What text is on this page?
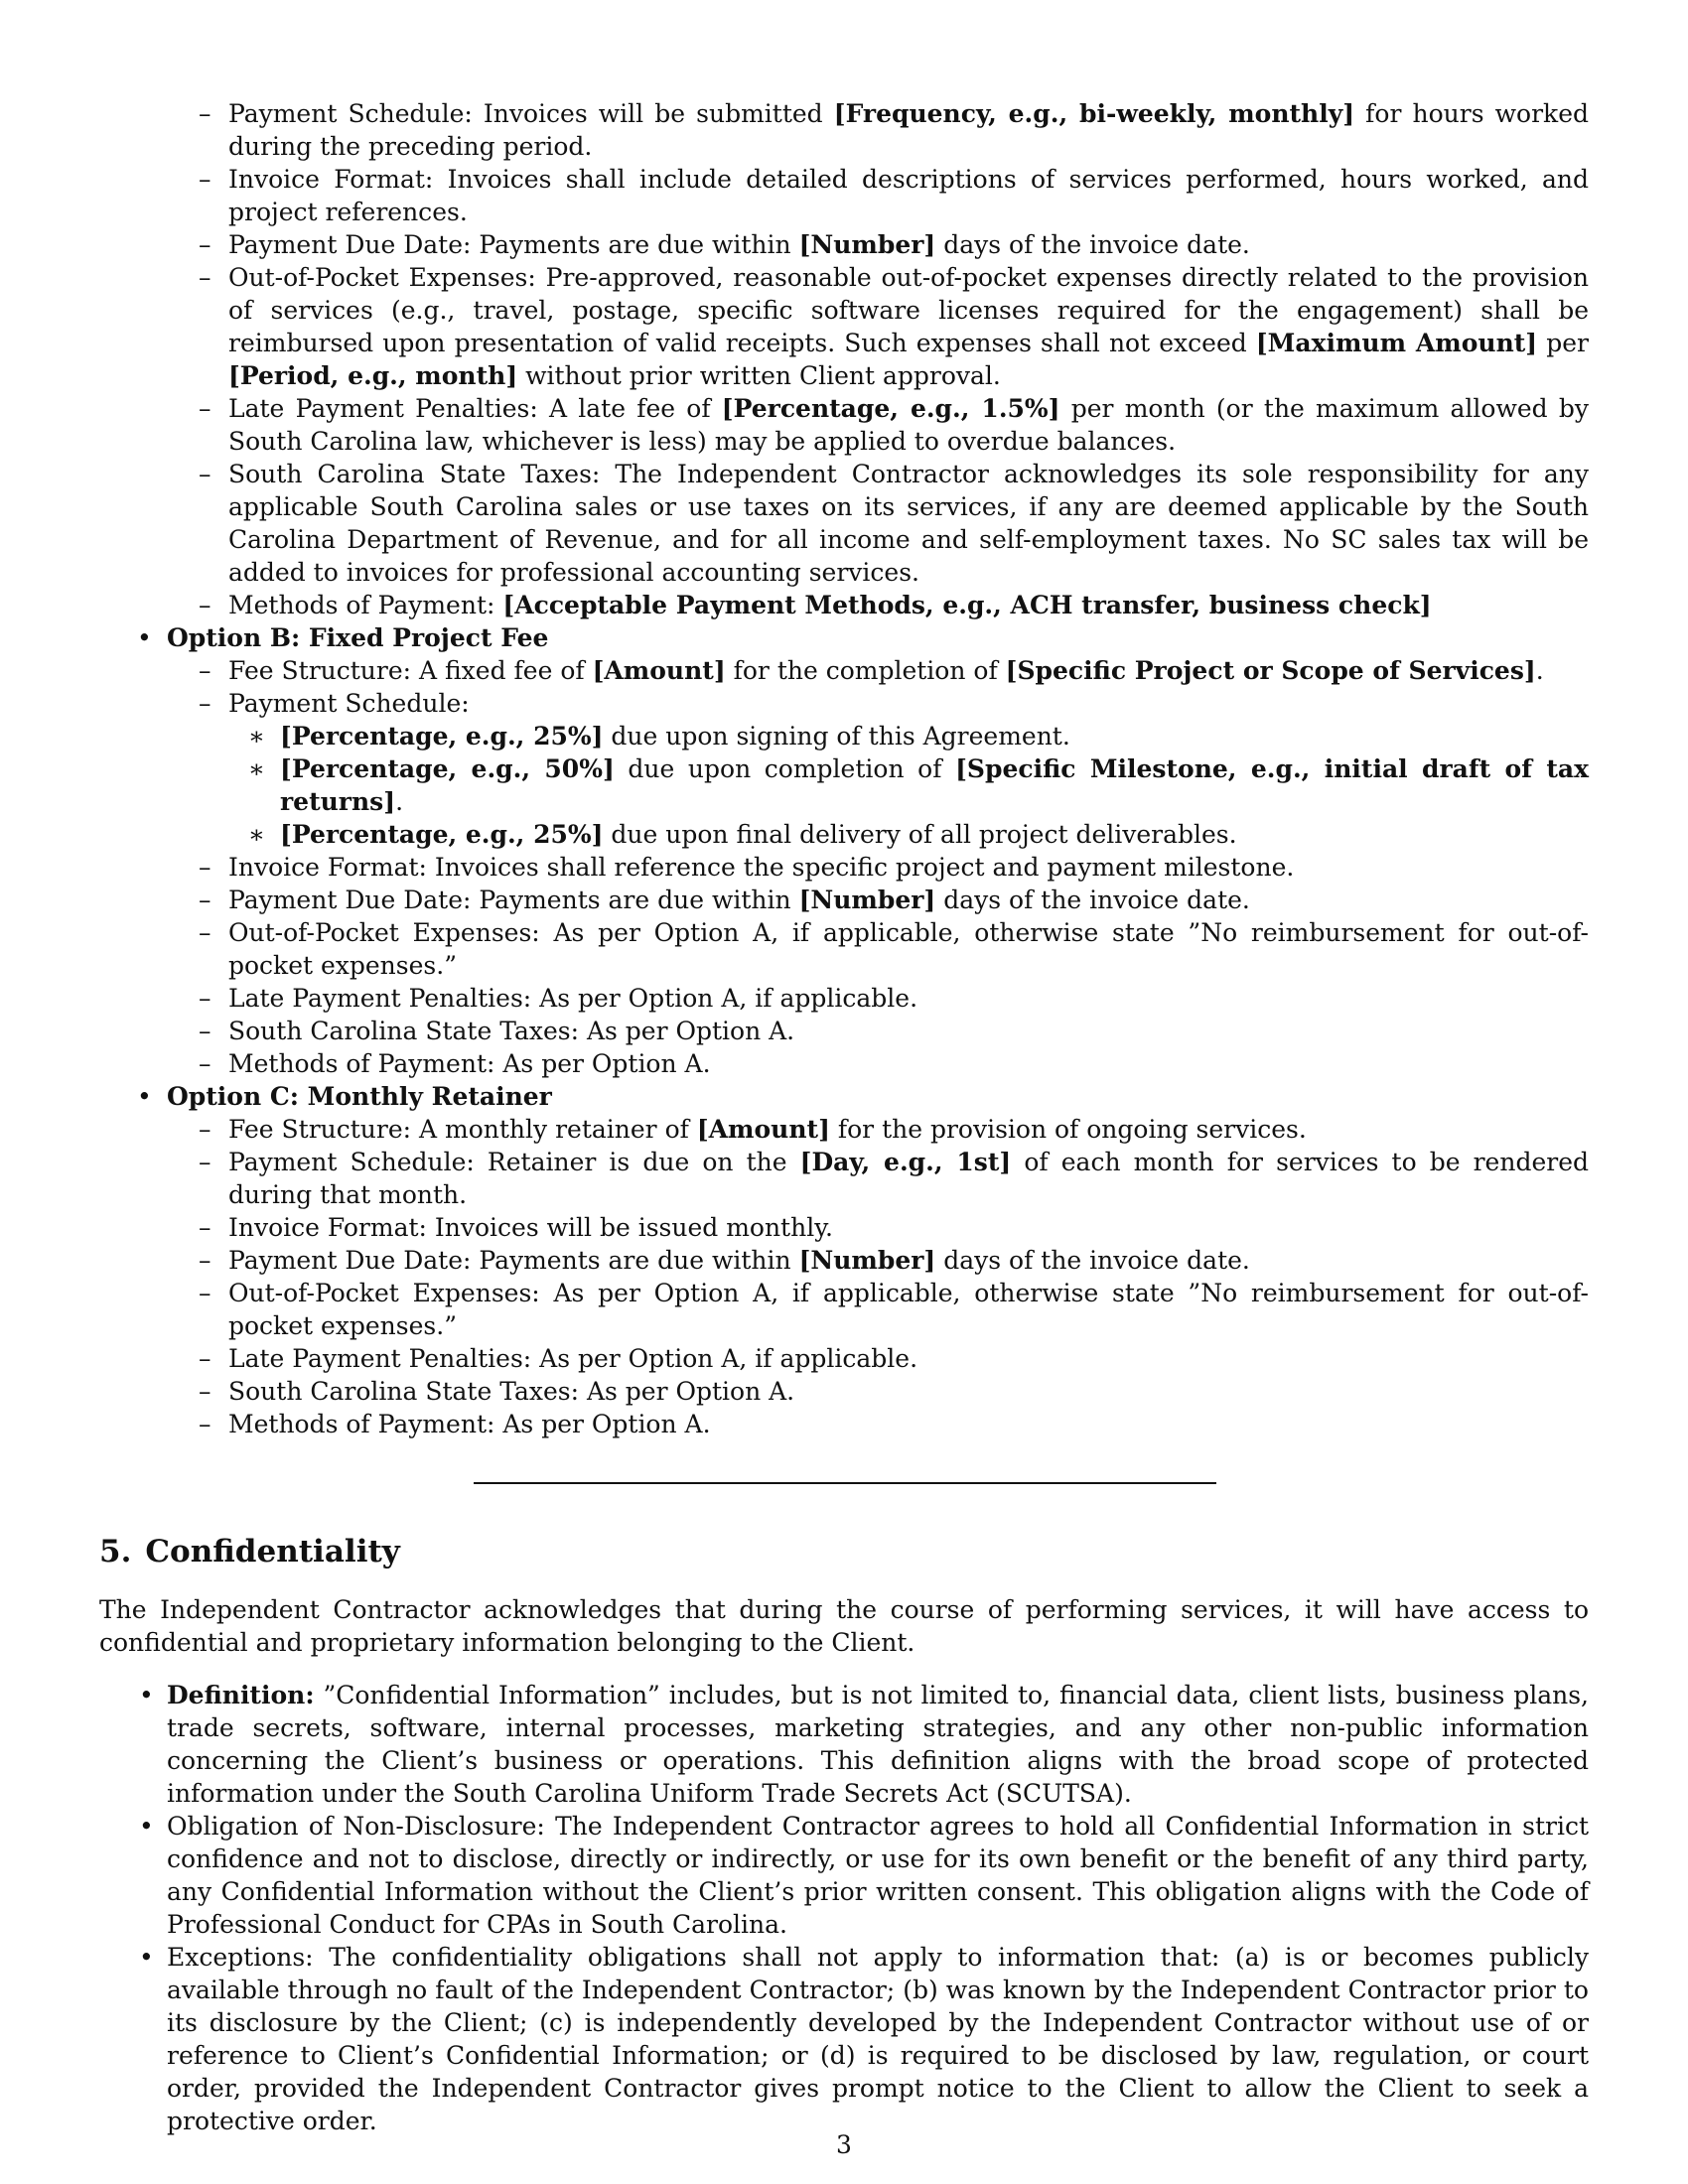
– Payment Schedule: Invoices will be submitted [Frequency, e.g., bi-weekly, monthly] for hours worked during the preceding period.
– Invoice Format: Invoices shall include detailed descriptions of services performed, hours worked, and project references.
– Payment Due Date: Payments are due within [Number] days of the invoice date.
– Out-of-Pocket Expenses: Pre-approved, reasonable out-of-pocket expenses directly related to the provision of services (e.g., travel, postage, specific software licenses required for the engagement) shall be reimbursed upon presentation of valid receipts. Such expenses shall not exceed [Maximum Amount] per [Period, e.g., month] without prior written Client approval.
– Late Payment Penalties: A late fee of [Percentage, e.g., 1.5%] per month (or the maximum allowed by South Carolina law, whichever is less) may be applied to overdue balances.
– South Carolina State Taxes: The Independent Contractor acknowledges its sole responsibility for any applicable South Carolina sales or use taxes on its services, if any are deemed applicable by the South Carolina Department of Revenue, and for all income and self-employment taxes. No SC sales tax will be added to invoices for professional accounting services.
– Methods of Payment: [Acceptable Payment Methods, e.g., ACH transfer, business check]
• Option B: Fixed Project Fee
– Fee Structure: A fixed fee of [Amount] for the completion of [Specific Project or Scope of Services].
– Payment Schedule:
∗ [Percentage, e.g., 25%] due upon signing of this Agreement.
∗ [Percentage, e.g., 50%] due upon completion of [Specific Milestone, e.g., initial draft of tax returns].
∗ [Percentage, e.g., 25%] due upon final delivery of all project deliverables.
– Invoice Format: Invoices shall reference the specific project and payment milestone.
– Payment Due Date: Payments are due within [Number] days of the invoice date.
– Out-of-Pocket Expenses: As per Option A, if applicable, otherwise state ”No reimbursement for out-of-pocket expenses.”
– Late Payment Penalties: As per Option A, if applicable.
– South Carolina State Taxes: As per Option A.
– Methods of Payment: As per Option A.
• Option C: Monthly Retainer
– Fee Structure: A monthly retainer of [Amount] for the provision of ongoing services.
– Payment Schedule: Retainer is due on the [Day, e.g., 1st] of each month for services to be rendered during that month.
– Invoice Format: Invoices will be issued monthly.
– Payment Due Date: Payments are due within [Number] days of the invoice date.
– Out-of-Pocket Expenses: As per Option A, if applicable, otherwise state ”No reimbursement for out-of-pocket expenses.”
– Late Payment Penalties: As per Option A, if applicable.
– South Carolina State Taxes: As per Option A.
– Methods of Payment: As per Option A.
5. Confidentiality

The Independent Contractor acknowledges that during the course of performing services, it will have access to confidential and proprietary information belonging to the Client.

• Definition: ”Confidential Information” includes, but is not limited to, financial data, client lists, business plans, trade secrets, software, internal processes, marketing strategies, and any other non-public information concerning the Client’s business or operations. This definition aligns with the broad scope of protected information under the South Carolina Uniform Trade Secrets Act (SCUTSA).
• Obligation of Non-Disclosure: The Independent Contractor agrees to hold all Confidential Information in strict confidence and not to disclose, directly or indirectly, or use for its own benefit or the benefit of any third party, any Confidential Information without the Client’s prior written consent. This obligation aligns with the Code of Professional Conduct for CPAs in South Carolina.
• Exceptions: The confidentiality obligations shall not apply to information that: (a) is or becomes publicly available through no fault of the Independent Contractor; (b) was known by the Independent Contractor prior to its disclosure by the Client; (c) is independently developed by the Independent Contractor without use of or reference to Client’s Confidential Information; or (d) is required to be disclosed by law, regulation, or court order, provided the Independent Contractor gives prompt notice to the Client to allow the Client to seek a protective order.
3
